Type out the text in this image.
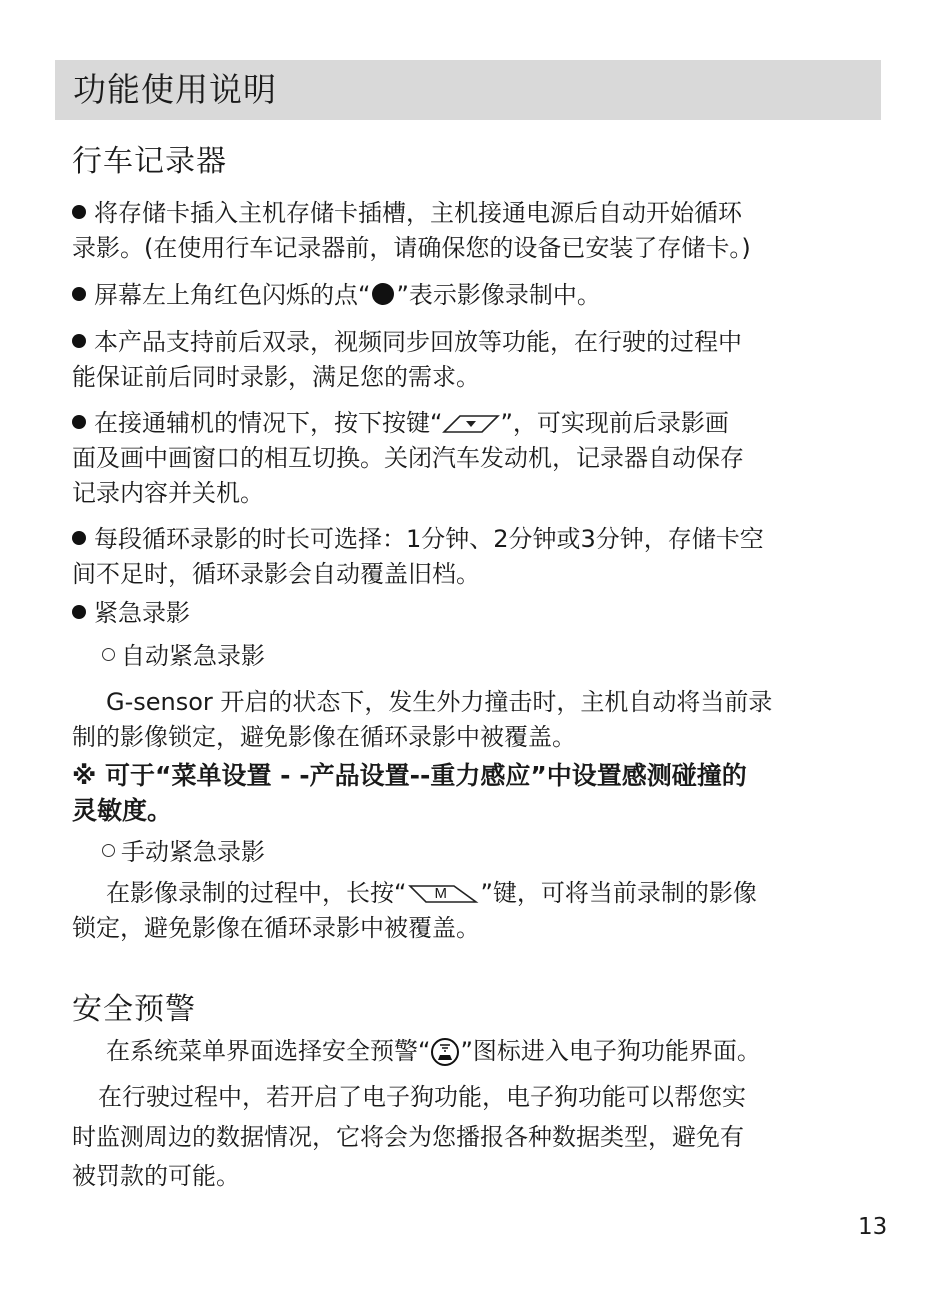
功能使用说明
行车记录器
将存储卡插入主机存储卡插槽，主机接通电源后自动开始循环
录影。(在使用行车记录器前，请确保您的设备已安装了存储卡。)
屏幕左上角红色闪烁的点“ ”表示影像录制中。
本产品支持前后双录，视频同步回放等功能，在行驶的过程中
能保证前后同时录影，满足您的需求。
在接通辅机的情况下，按下按键“ ”，可实现前后录影画
面及画中画窗口的相互切换。关闭汽车发动机，记录器自动保存
记录内容并关机。
每段循环录影的时长可选择：1分钟、2分钟或3分钟，存储卡空
间不足时，循环录影会自动覆盖旧档。
紧急录影
自动紧急录影
G-sensor 开启的状态下，发生外力撞击时，主机自动将当前录
制的影像锁定，避免影像在循环录影中被覆盖。
※ 可于“菜单设置 - -产品设置--重力感应”中设置感测碰撞的
灵敏度。
手动紧急录影
在影像录制的过程中，长按“ M ”键，可将当前录制的影像
锁定，避免影像在循环录影中被覆盖。
安全预警
在系统菜单界面选择安全预警“ ”图标进入电子狗功能界面。
在行驶过程中，若开启了电子狗功能，电子狗功能可以帮您实
时监测周边的数据情况，它将会为您播报各种数据类型，避免有
被罚款的可能。
13
